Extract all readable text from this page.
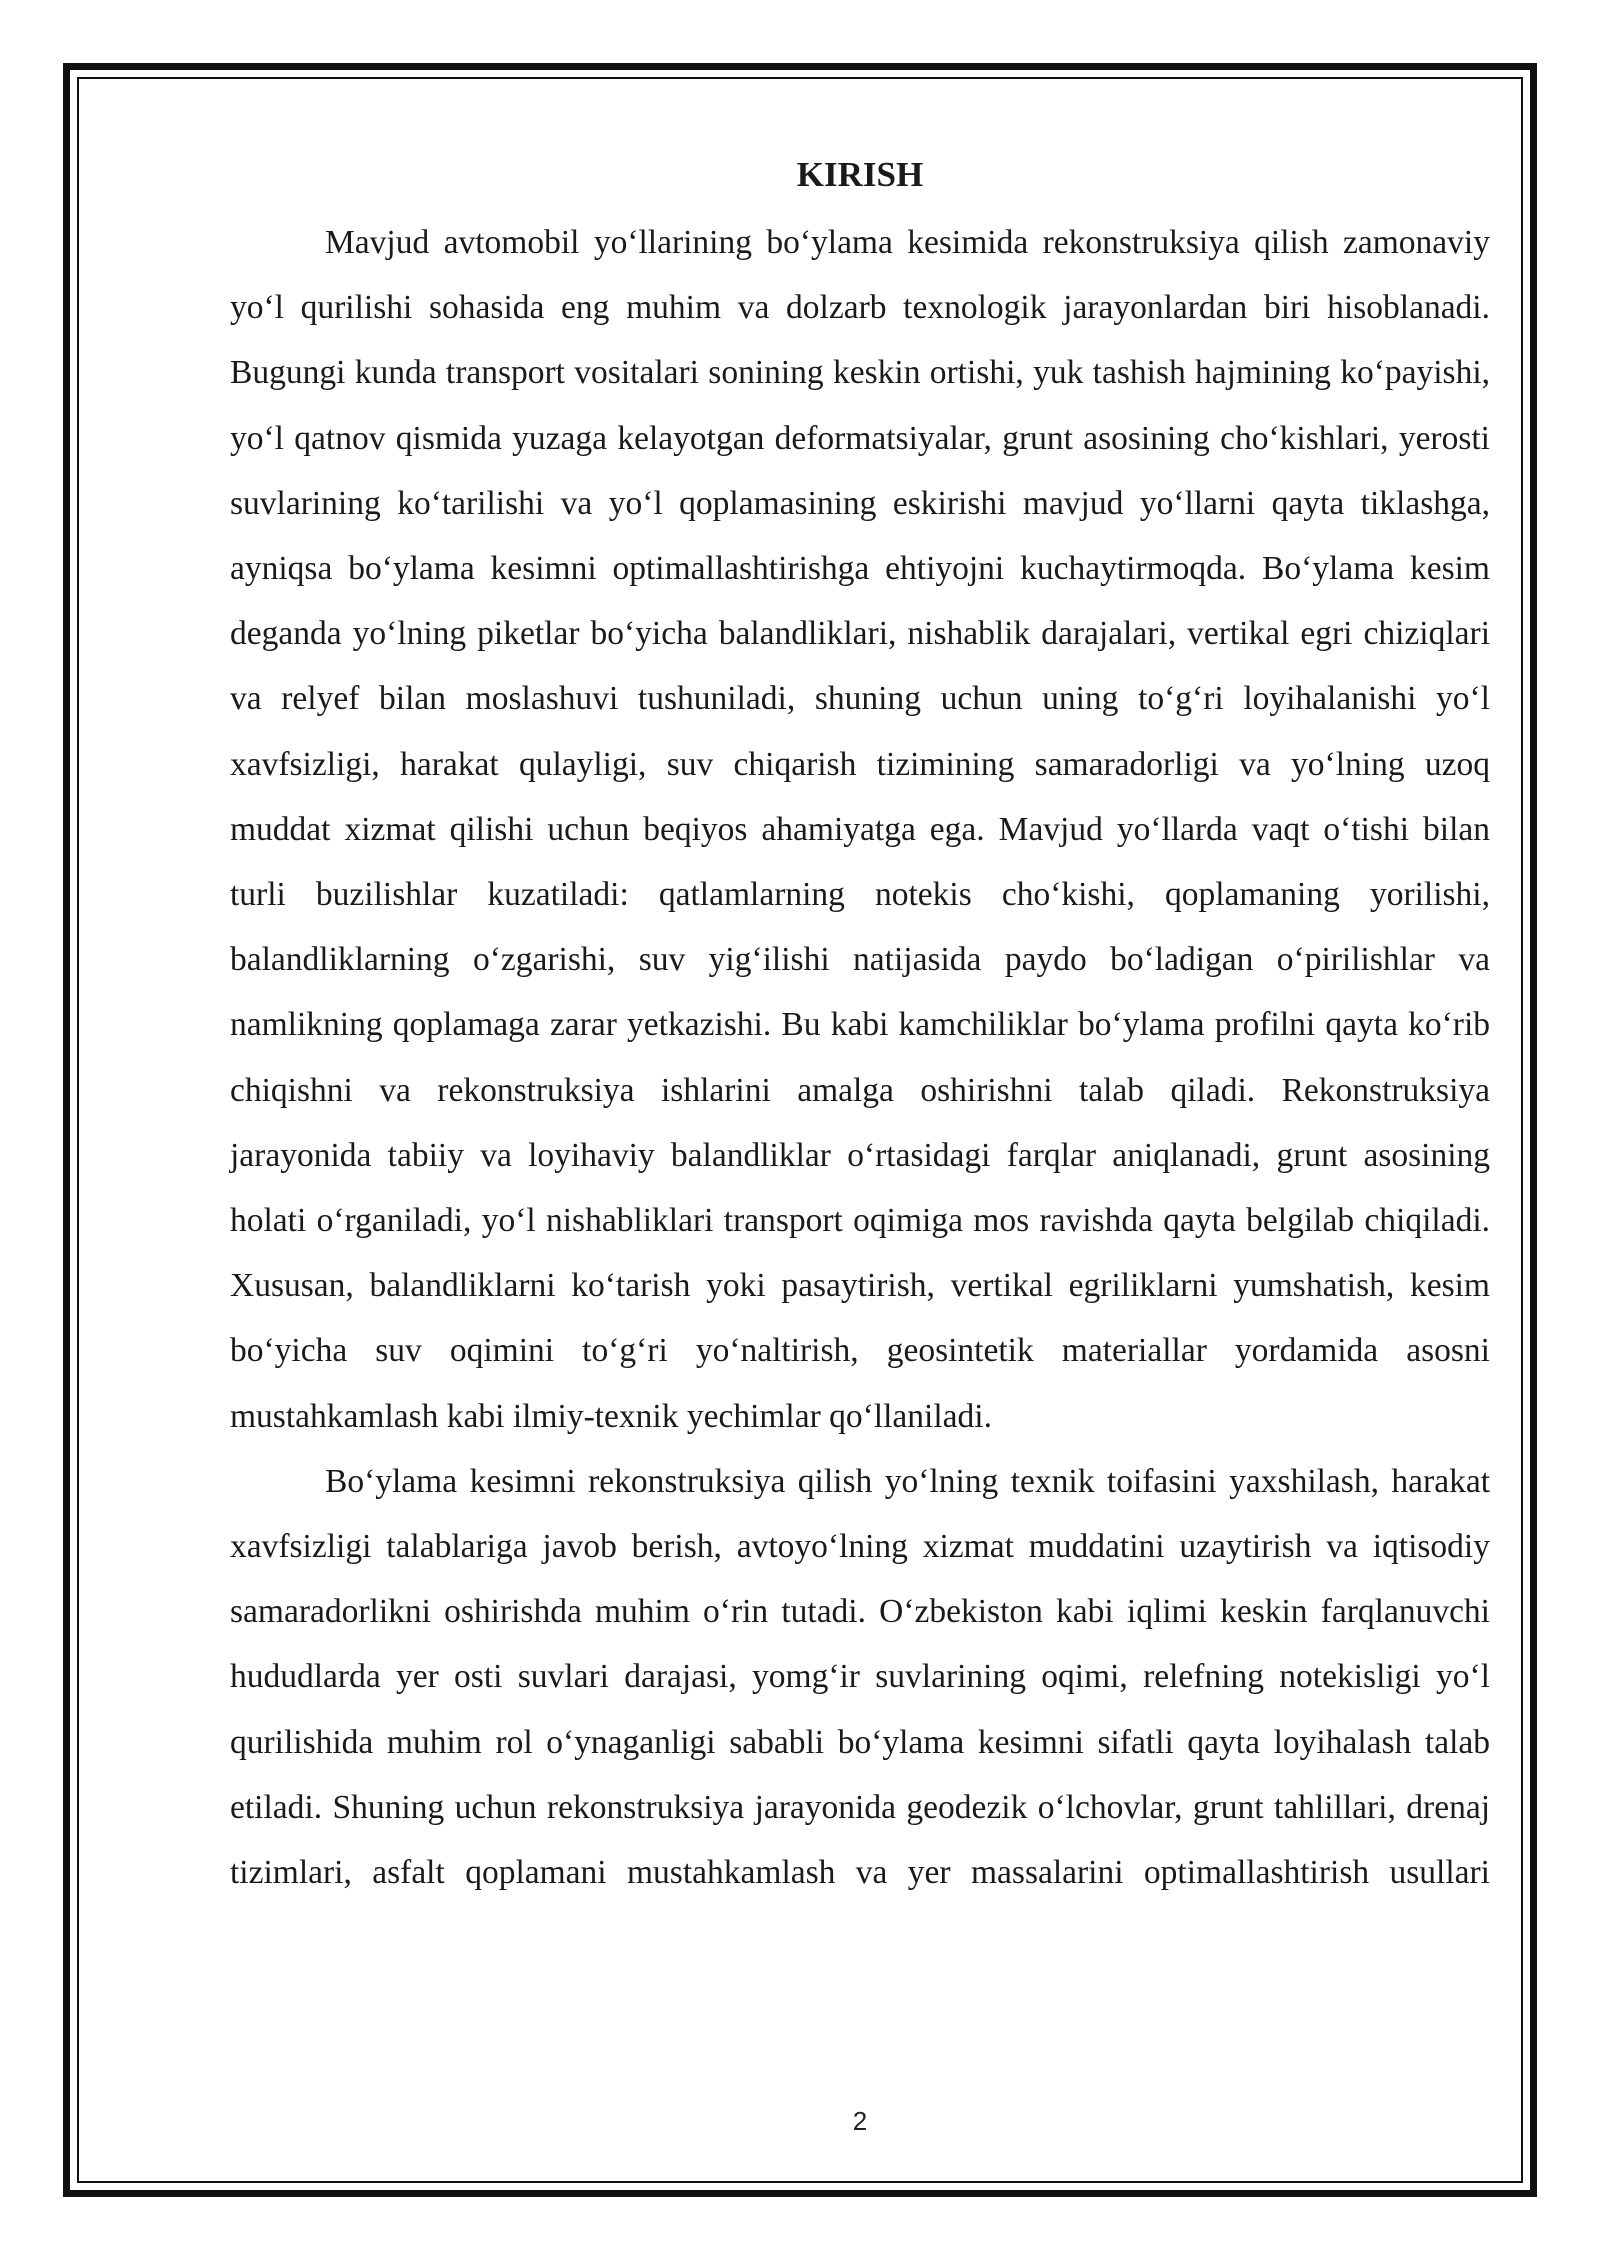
KIRISH

Mavjud avtomobil yo‘llarining bo‘ylama kesimida rekonstruksiya qilish zamonaviy yo‘l qurilishi sohasida eng muhim va dolzarb texnologik jarayonlardan biri hisoblanadi. Bugungi kunda transport vositalari sonining keskin ortishi, yuk tashish hajmining ko‘payishi, yo‘l qatnov qismida yuzaga kelayotgan deformatsiyalar, grunt asosining cho‘kishlari, yerosti suvlarining ko‘tarilishi va yo‘l qoplamasining eskirishi mavjud yo‘llarni qayta tiklashga, ayniqsa bo‘ylama kesimni optimallashtirishga ehtiyojni kuchaytirmoqda. Bo‘ylama kesim deganda yo‘lning piketlar bo‘yicha balandliklari, nishablik darajalari, vertikal egri chiziqlari va relyef bilan moslashuvi tushuniladi, shuning uchun uning to‘g‘ri loyihalanishi yo‘l xavfsizligi, harakat qulayligi, suv chiqarish tizimining samaradorligi va yo‘lning uzoq muddat xizmat qilishi uchun beqiyos ahamiyatga ega. Mavjud yo‘llarda vaqt o‘tishi bilan turli buzilishlar kuzatiladi: qatlamlarning notekis cho‘kishi, qoplamaning yorilishi, balandliklarning o‘zgarishi, suv yig‘ilishi natijasida paydo bo‘ladigan o‘pirilishlar va namlikning qoplamaga zarar yetkazishi. Bu kabi kamchiliklar bo‘ylama profilni qayta ko‘rib chiqishni va rekonstruksiya ishlarini amalga oshirishni talab qiladi. Rekonstruksiya jarayonida tabiiy va loyihaviy balandliklar o‘rtasidagi farqlar aniqlanadi, grunt asosining holati o‘rganiladi, yo‘l nishabliklari transport oqimiga mos ravishda qayta belgilab chiqiladi. Xususan, balandliklarni ko‘tarish yoki pasaytirish, vertikal egriliklarni yumshatish, kesim bo‘yicha suv oqimini to‘g‘ri yo‘naltirish, geosintetik materiallar yordamida asosni mustahkamlash kabi ilmiy-texnik yechimlar qo‘llaniladi.

Bo‘ylama kesimni rekonstruksiya qilish yo‘lning texnik toifasini yaxshilash, harakat xavfsizligi talablariga javob berish, avtoyo‘lning xizmat muddatini uzaytirish va iqtisodiy samaradorlikni oshirishda muhim o‘rin tutadi. O‘zbekiston kabi iqlimi keskin farqlanuvchi hududlarda yer osti suvlari darajasi, yomg‘ir suvlarining oqimi, relefning notekisligi yo‘l qurilishida muhim rol o‘ynaganligi sababli bo‘ylama kesimni sifatli qayta loyihalash talab etiladi. Shuning uchun rekonstruksiya jarayonida geodezik o‘lchovlar, grunt tahlillari, drenaj tizimlari, asfalt qoplamani mustahkamlash va yer massalarini optimallashtirish usullari

2
